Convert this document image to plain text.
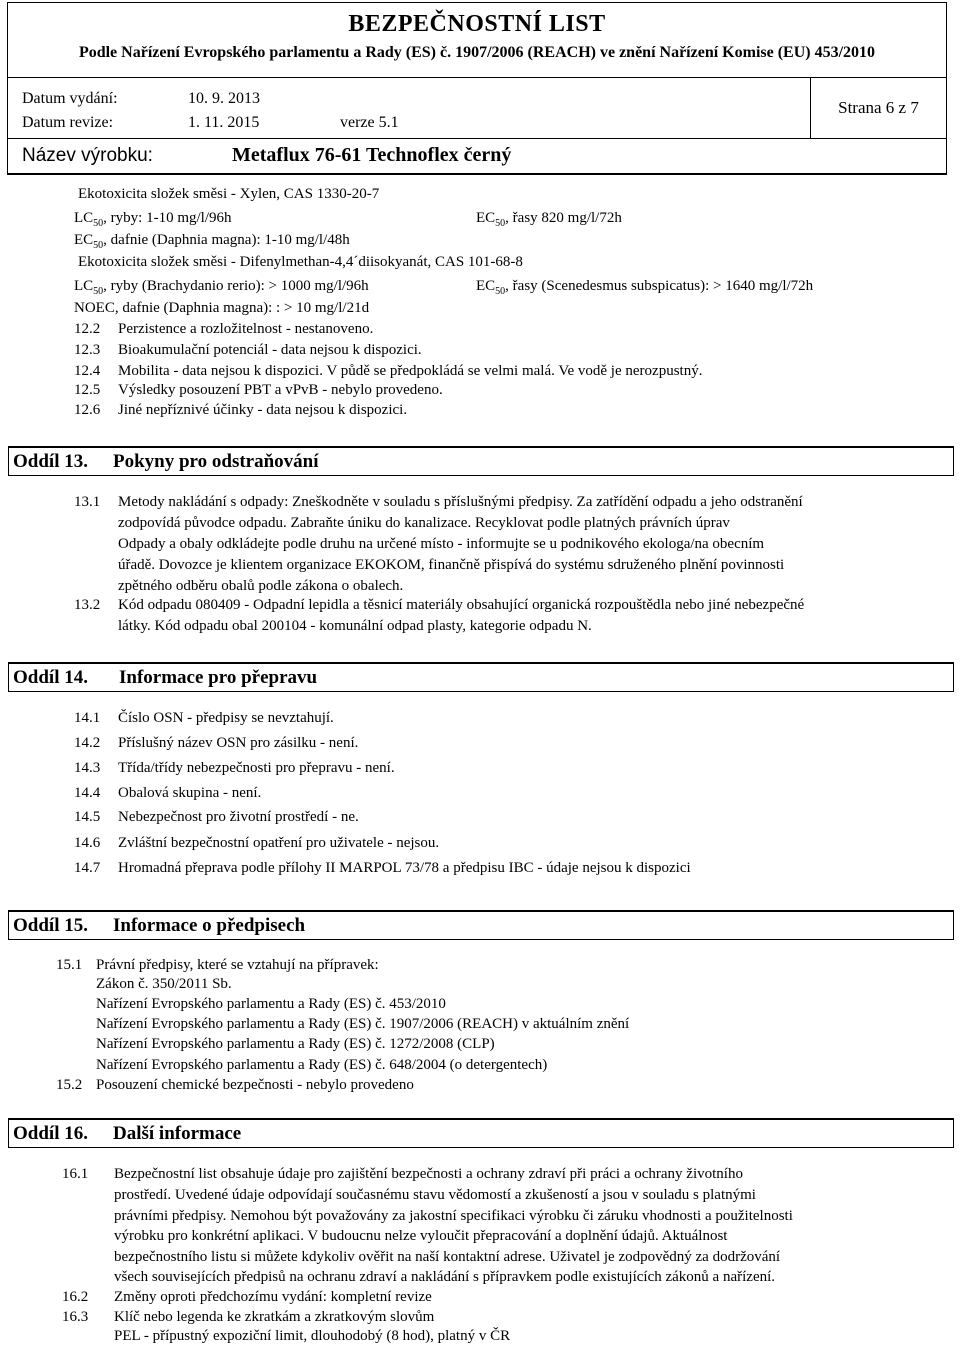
BEZPEČNOSTNÍ LIST
Podle Nařízení Evropského parlamentu a Rady (ES) č. 1907/2006 (REACH) ve znění Nařízení Komise (EU) 453/2010
Datum vydání:	10. 9. 2013
Datum revize:	1. 11. 2015	verze 5.1
Strana 6 z 7
Název výrobku:	Metaflux 76-61 Technoflex černý
Ekotoxicita složek směsi - Xylen, CAS 1330-20-7
$LC_{50}$, ryby: 1-10 mg/l/96h	$EC_{50}$, řasy 820 mg/l/72h
$EC_{50}$, dafnie (Daphnia magna): 1-10 mg/l/48h
Ekotoxicita složek směsi - Difenylmethan-4,4´diisokyanát, CAS 101-68-8
$LC_{50}$, ryby (Brachydanio rerio): > 1000 mg/l/96h	$EC_{50}$, řasy (Scenedesmus subspicatus): > 1640 mg/l/72h
NOEC, dafnie (Daphnia magna): : > 10 mg/l/21d
12.2 Perzistence a rozložitelnost - nestanoveno.
12.3 Bioakumulační potenciál - data nejsou k dispozici.
12.4 Mobilita - data nejsou k dispozici. V půdě se předpokládá se velmi malá. Ve vodě je nerozpustný.
12.5 Výsledky posouzení PBT a vPvB - nebylo provedeno.
12.6 Jiné nepříznivé účinky - data nejsou k dispozici.
Oddíl 13. Pokyny pro odstraňování
13.1 Metody nakládání s odpady: Zneškodněte v souladu s příslušnými předpisy. Za zatřídění odpadu a jeho odstranění
zodpovídá původce odpadu. Zabraňte úniku do kanalizace. Recyklovat podle platných právních úprav
Odpady a obaly odkládejte podle druhu na určené místo - informujte se u podnikového ekologa/na obecním
úřadě. Dovozce je klientem organizace EKOKOM, finančně přispívá do systému sdruženého plnění povinnosti
zpětného odběru obalů podle zákona o obalech.
13.2 Kód odpadu 080409 - Odpadní lepidla a těsnicí materiály obsahující organická rozpouštědla nebo jiné nebezpečné
látky. Kód odpadu obal 200104 - komunální odpad plasty, kategorie odpadu N.
Oddíl 14. Informace pro přepravu
14.1 Číslo OSN - předpisy se nevztahují.
14.2 Příslušný název OSN pro zásilku - není.
14.3 Třída/třídy nebezpečnosti pro přepravu - není.
14.4 Obalová skupina - není.
14.5 Nebezpečnost pro životní prostředí - ne.
14.6 Zvláštní bezpečnostní opatření pro uživatele - nejsou.
14.7 Hromadná přeprava podle přílohy II MARPOL 73/78 a předpisu IBC - údaje nejsou k dispozici
Oddíl 15. Informace o předpisech
15.1 Právní předpisy, které se vztahují na přípravek:
Zákon č. 350/2011 Sb.
Nařízení Evropského parlamentu a Rady (ES) č. 453/2010
Nařízení Evropského parlamentu a Rady (ES) č. 1907/2006 (REACH) v aktuálním znění
Nařízení Evropského parlamentu a Rady (ES) č. 1272/2008 (CLP)
Nařízení Evropského parlamentu a Rady (ES) č. 648/2004 (o detergentech)
15.2 Posouzení chemické bezpečnosti - nebylo provedeno
Oddíl 16. Další informace
16.1 Bezpečnostní list obsahuje údaje pro zajištění bezpečnosti a ochrany zdraví při práci a ochrany životního
prostředí. Uvedené údaje odpovídají současnému stavu vědomostí a zkušeností a jsou v souladu s platnými
právními předpisy. Nemohou být považovány za jakostní specifikaci výrobku či záruku vhodnosti a použitelnosti
výrobku pro konkrétní aplikaci. V budoucnu nelze vyloučit přepracování a doplnění údajů. Aktuálnost
bezpečnostního listu si můžete kdykoliv ověřit na naší kontaktní adrese. Uživatel je zodpovědný za dodržování
všech souvisejících předpisů na ochranu zdraví a nakládání s přípravkem podle existujících zákonů a nařízení.
16.2 Změny oproti předchozímu vydání: kompletní revize
16.3 Klíč nebo legenda ke zkratkám a zkratkovým slovům
PEL - přípustný expoziční limit, dlouhodobý (8 hod), platný v ČR
